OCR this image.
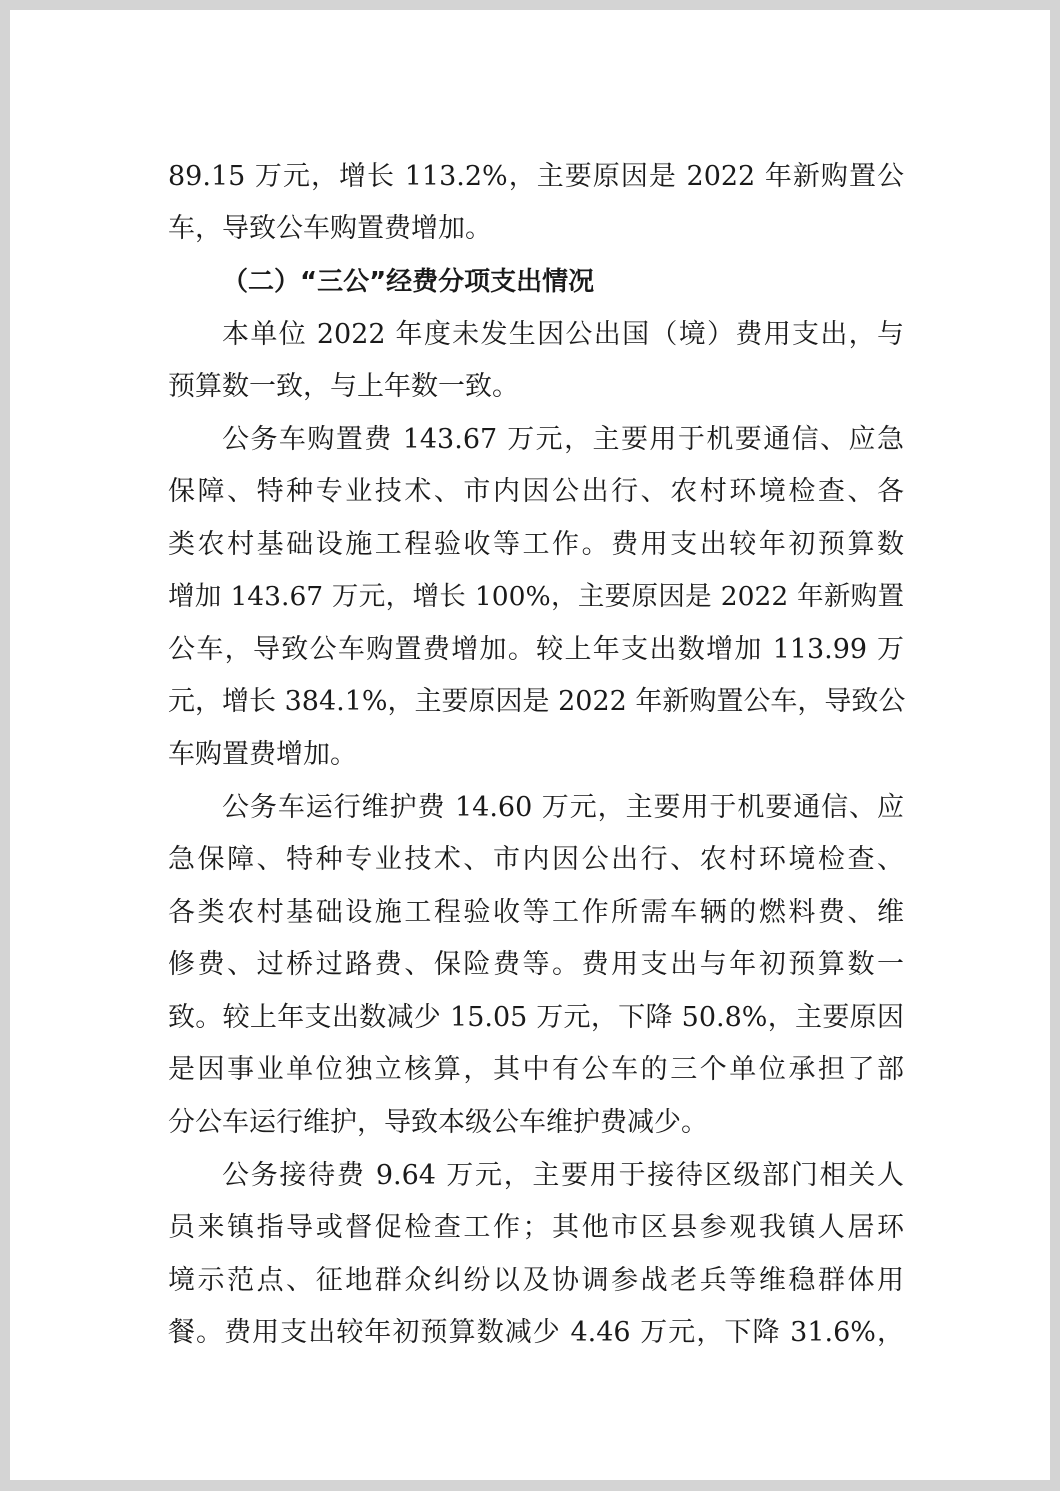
89.15 万元，增长 113.2%，主要原因是 2022 年新购置公

车，导致公车购置费增加。

（二）“三公”经费分项支出情况

本单位 2022 年度未发生因公出国（境）费用支出，与

预算数一致，与上年数一致。

公务车购置费 143.67 万元，主要用于机要通信、应急

保障、特种专业技术、市内因公出行、农村环境检查、各

类农村基础设施工程验收等工作。费用支出较年初预算数

增加 143.67 万元，增长 100%，主要原因是 2022 年新购置

公车，导致公车购置费增加。较上年支出数增加 113.99 万

元，增长 384.1%，主要原因是 2022 年新购置公车，导致公

车购置费增加。

公务车运行维护费 14.60 万元，主要用于机要通信、应

急保障、特种专业技术、市内因公出行、农村环境检查、

各类农村基础设施工程验收等工作所需车辆的燃料费、维

修费、过桥过路费、保险费等。费用支出与年初预算数一

致。较上年支出数减少 15.05 万元，下降 50.8%，主要原因

是因事业单位独立核算，其中有公车的三个单位承担了部

分公车运行维护，导致本级公车维护费减少。

公务接待费 9.64 万元，主要用于接待区级部门相关人

员来镇指导或督促检查工作；其他市区县参观我镇人居环

境示范点、征地群众纠纷以及协调参战老兵等维稳群体用

餐。费用支出较年初预算数减少 4.46 万元，下降 31.6%，
